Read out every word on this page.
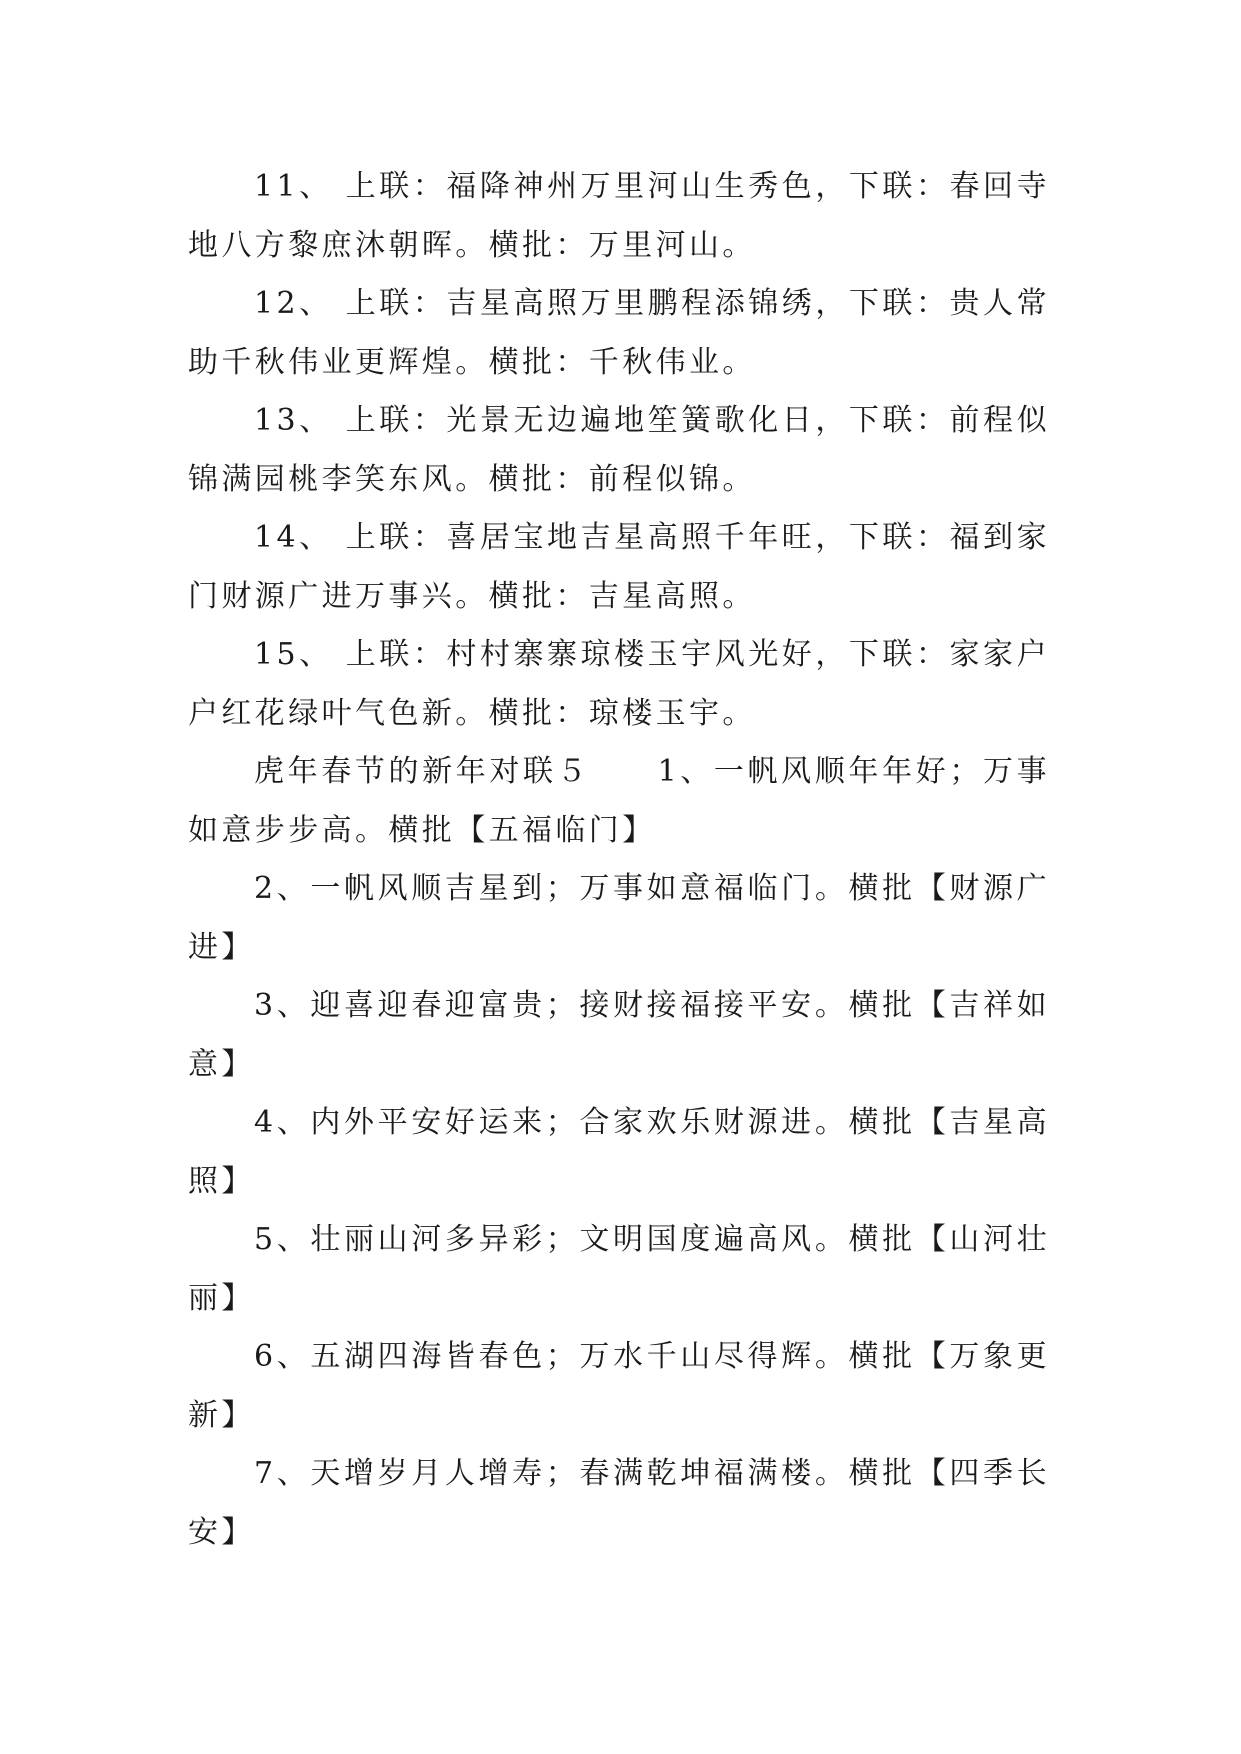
11、 上联：福降神州万里河山生秀色，下联：春回寺地八方黎庶沐朝晖。横批：万里河山。

12、 上联：吉星高照万里鹏程添锦绣，下联：贵人常助千秋伟业更辉煌。横批：千秋伟业。

13、 上联：光景无边遍地笙簧歌化日，下联：前程似锦满园桃李笑东风。横批：前程似锦。

14、 上联：喜居宝地吉星高照千年旺，下联：福到家门财源广进万事兴。横批：吉星高照。

15、 上联：村村寨寨琼楼玉宇风光好，下联：家家户户红花绿叶气色新。横批：琼楼玉宇。

虎年春节的新年对联５　　1、一帆风顺年年好；万事如意步步高。横批【五福临门】

2、一帆风顺吉星到；万事如意福临门。横批【财源广进】

3、迎喜迎春迎富贵；接财接福接平安。横批【吉祥如意】

4、内外平安好运来；合家欢乐财源进。横批【吉星高照】

5、壮丽山河多异彩；文明国度遍高风。横批【山河壮丽】

6、五湖四海皆春色；万水千山尽得辉。横批【万象更新】

7、天增岁月人增寿；春满乾坤福满楼。横批【四季长安】
